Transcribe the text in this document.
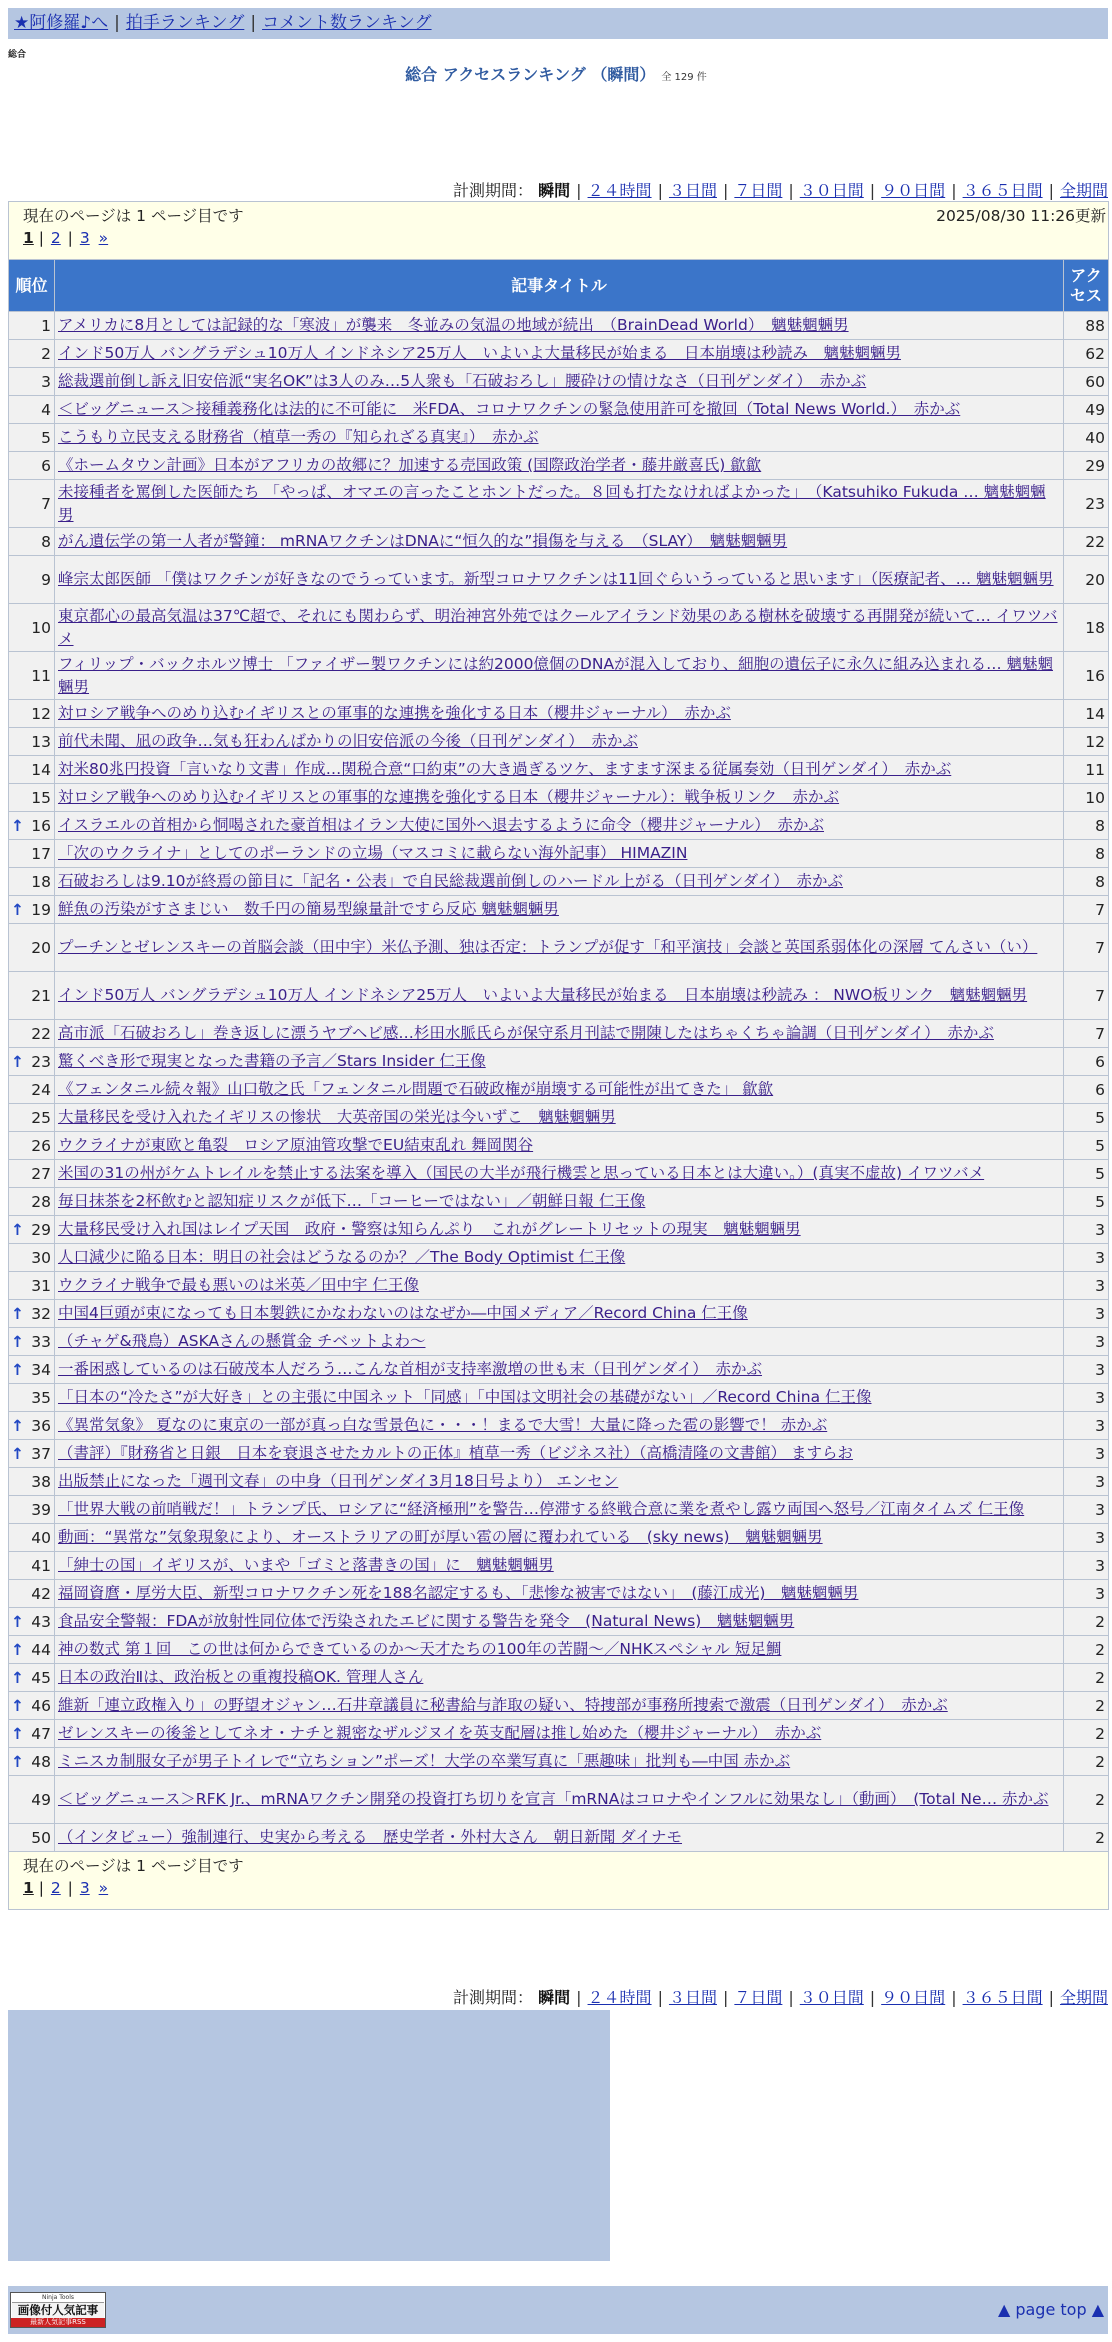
★阿修羅♪へ | 拍手ランキング | コメント数ランキング
総合
総合 アクセスランキング （瞬間） 全 129 件
計測期間： 瞬間 | ２４時間 | ３日間 | ７日間 | ３０日間 | ９０日間 | ３６５日間 | 全期間
2025/08/30 11:26更新
現在のページは 1 ページ目です
1 | 2 | 3 »		
順位	記事タイトル	アクセス
1	アメリカに8月としては記録的な「寒波」が襲来　冬並みの気温の地域が続出　（BrainDead World）　魑魅魍魎男	88
2	インド50万人 バングラデシュ10万人 インドネシア25万人　いよいよ大量移民が始まる　日本崩壊は秒読み　魑魅魍魎男	62
3	総裁選前倒し訴え旧安倍派“実名OK”は3人のみ…5人衆も「石破おろし」腰砕けの情けなさ（日刊ゲンダイ）　赤かぶ	60
4	＜ビッグニュース＞接種義務化は法的に不可能に　米FDA、コロナワクチンの緊急使用許可を撤回（Total News World.）　赤かぶ	49
5	こうもり立民支える財務省（植草一秀の『知られざる真実』）　赤かぶ	40
6	《ホームタウン計画》日本がアフリカの故郷に？加速する売国政策 (国際政治学者・藤井厳喜氏) 歙歙	29
7	未接種者を罵倒した医師たち 「やっぱ、オマエの言ったことホントだった。８回も打たなければよかった」　（Katsuhiko Fukuda … 魑魅魍魎男	23
8	がん遺伝学の第一人者が警鐘： mRNAワクチンはDNAに“恒久的な”損傷を与える　（SLAY）　魑魅魍魎男	22
9	峰宗太郎医師 「僕はワクチンが好きなのでうっています。新型コロナワクチンは11回ぐらいうっていると思います」（医療記者、… 魑魅魍魎男	20
10	東京都心の最高気温は37℃超で、それにも関わらず、明治神宮外苑ではクールアイランド効果のある樹林を破壊する再開発が続いて… イワツバメ	18
11	フィリップ・バックホルツ博士 「ファイザー製ワクチンには約2000億個のDNAが混入しており、細胞の遺伝子に永久に組み込まれる… 魑魅魍魎男	16
12	対ロシア戦争へのめり込むイギリスとの軍事的な連携を強化する日本（櫻井ジャーナル）　赤かぶ	14
13	前代未聞、凪の政争…気も狂わんばかりの旧安倍派の今後（日刊ゲンダイ）　赤かぶ	12
14	対米80兆円投資「言いなり文書」作成…関税合意“口約束”の大き過ぎるツケ、ますます深まる従属奏効（日刊ゲンダイ）　赤かぶ	11
15	対ロシア戦争へのめり込むイギリスとの軍事的な連携を強化する日本（櫻井ジャーナル）：戦争板リンク　赤かぶ	10

↑ 16	イスラエルの首相から恫喝された豪首相はイラン大使に国外へ退去するように命令（櫻井ジャーナル）　赤かぶ	8
17	「次のウクライナ」としてのポーランドの立場（マスコミに載らない海外記事） HIMAZIN	8
18	石破おろしは9.10が終焉の節目に「記名・公表」で自民総裁選前倒しのハードル上がる（日刊ゲンダイ）　赤かぶ	8

↑ 19	鮮魚の汚染がすさまじい　数千円の簡易型線量計ですら反応 魑魅魍魎男	7
20	プーチンとゼレンスキーの首脳会談（田中宇）米仏予測、独は否定：トランプが促す「和平演技」会談と英国系弱体化の深層 てんさい（い）	7
21	インド50万人 バングラデシュ10万人 インドネシア25万人　いよいよ大量移民が始まる　日本崩壊は秒読み ： NWO板リンク　魑魅魍魎男	7
22	高市派「石破おろし」巻き返しに漂うヤブヘビ感…杉田水脈氏らが保守系月刊誌で開陳したはちゃくちゃ論調（日刊ゲンダイ）　赤かぶ	7

↑ 23	驚くべき形で現実となった書籍の予言／Stars Insider 仁王像	6
24	《フェンタニル続々報》山口敬之氏「フェンタニル問題で石破政権が崩壊する可能性が出てきた」 歙歙	6
25	大量移民を受け入れたイギリスの惨状　大英帝国の栄光は今いずこ　魑魅魍魎男	5
26	ウクライナが東欧と亀裂　ロシア原油管攻撃でEU結束乱れ 舞岡関谷	5
27	米国の31の州がケムトレイルを禁止する法案を導入（国民の大半が飛行機雲と思っている日本とは大違い。）(真実不虚故) イワツバメ	5
28	毎日抹茶を2杯飲むと認知症リスクが低下…「コーヒーではない」／朝鮮日報 仁王像	5

↑ 29	大量移民受け入れ国はレイプ天国　政府・警察は知らんぷり　これがグレートリセットの現実　魑魅魍魎男	3
30	人口減少に陥る日本：明日の社会はどうなるのか？／The Body Optimist 仁王像	3
31	ウクライナ戦争で最も悪いのは米英／田中宇 仁王像	3

↑ 32	中国4巨頭が束になっても日本製鉄にかなわないのはなぜか―中国メディア／Record China 仁王像	3

↑ 33	（チャゲ&飛鳥）ASKAさんの懸賞金 チベットよわ～	3

↑ 34	一番困惑しているのは石破茂本人だろう…こんな首相が支持率激増の世も末（日刊ゲンダイ）　赤かぶ	3
35	「日本の“冷たさ”が大好き」との主張に中国ネット「同感」「中国は文明社会の基礎がない」／Record China 仁王像	3

↑ 36	《異常気象》 夏なのに東京の一部が真っ白な雪景色に・・・！まるで大雪！大量に降った雹の影響で！ 赤かぶ	3

↑ 37	（書評）『財務省と日銀　日本を衰退させたカルトの正体』植草一秀（ビジネス社）（高橋清隆の文書館） ますらお	3
38	出版禁止になった「週刊文春」の中身（日刊ゲンダイ3月18日号より） エンセン	3
39	「世界大戦の前哨戦だ！」トランプ氏、ロシアに“経済極刑”を警告…停滞する終戦合意に業を煮やし露ウ両国へ怒号／江南タイムズ 仁王像	3
40	動画：“異常な”気象現象により、オーストラリアの町が厚い雹の層に覆われている　(sky news)　魑魅魍魎男	3
41	「紳士の国」イギリスが、いまや「ゴミと落書きの国」に　魑魅魍魎男	3
42	福岡資麿・厚労大臣、新型コロナワクチン死を188名認定するも、「悲惨な被害ではない」　(藤江成光)　魑魅魍魎男	3

↑ 43	食品安全警報：FDAが放射性同位体で汚染されたエビに関する警告を発令　(Natural News)　魑魅魍魎男	2

↑ 44	神の数式 第１回　この世は何からできているのか～天才たちの100年の苦闘～／NHKスペシャル 短足鯛	2

↑ 45	日本の政治Ⅱは、政治板との重複投稿OK. 管理人さん	2

↑ 46	維新「連立政権入り」の野望オジャン…石井章議員に秘書給与詐取の疑い、特捜部が事務所捜索で激震（日刊ゲンダイ）　赤かぶ	2

↑ 47	ゼレンスキーの後釜としてネオ・ナチと親密なザルジヌイを英支配層は推し始めた（櫻井ジャーナル）　赤かぶ	2

↑ 48	ミニスカ制服女子が男子トイレで“立ちション”ポーズ！大学の卒業写真に「悪趣味」批判も―中国 赤かぶ	2
49	＜ビッグニュース＞RFK Jr.、mRNAワクチン開発の投資打ち切りを宣言「mRNAはコロナやインフルに効果なし」（動画）　(Total Ne… 赤かぶ	2
50	（インタビュー）強制連行、史実から考える　歴史学者・外村大さん　朝日新聞 ダイナモ	2
現在のページは 1 ページ目です
1 | 2 | 3 »		
計測期間： 瞬間 | ２４時間 | ３日間 | ７日間 | ３０日間 | ９０日間 | ３６５日間 | 全期間
Ninja Tools
画像付人気記事
最新人気記事RSS
▲ page top ▲
